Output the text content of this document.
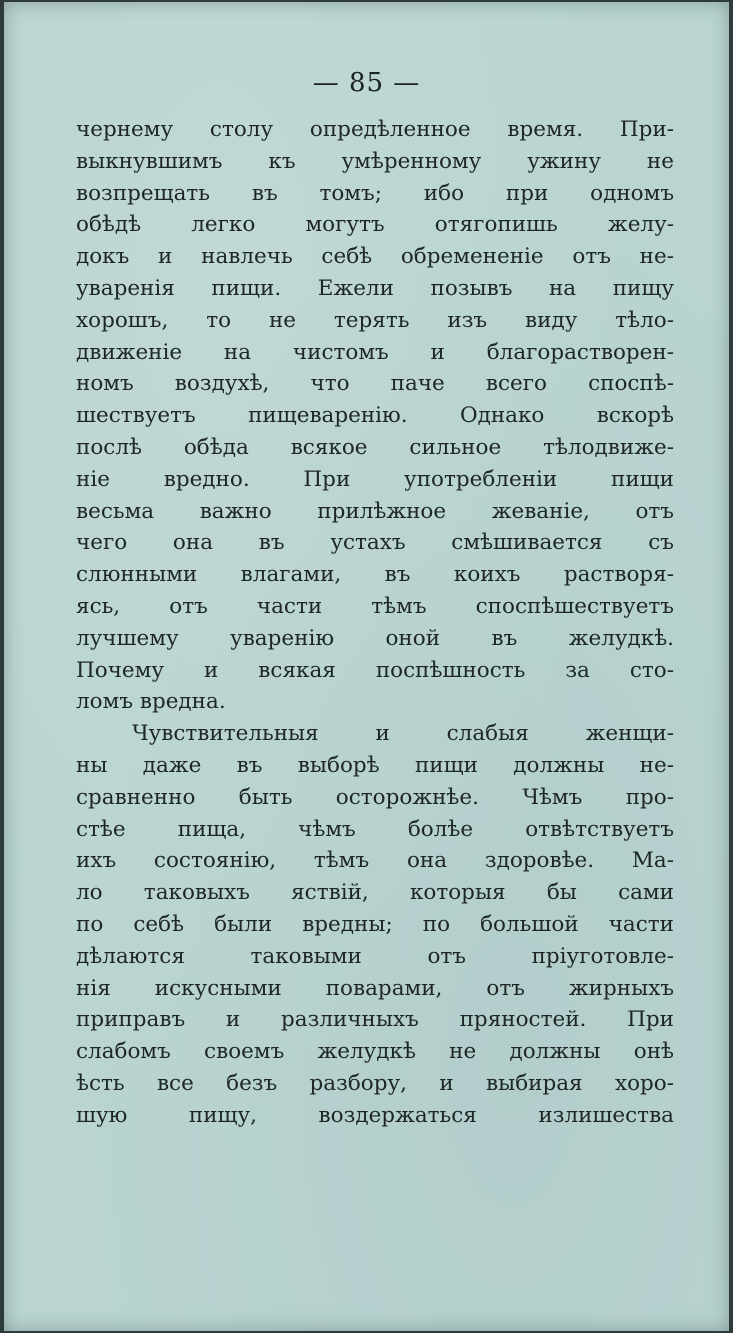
— 85 —
чернему столу опредѣленное время. При-
выкнувшимъ къ умѣренному ужину не
возпрещать въ томъ; ибо при одномъ
обѣдѣ легко могутъ отягопишь желу-
докъ и навлечь себѣ обремененіе отъ не-
увapeнія пищи. Ежели позывъ на пищу
хорошъ, то не терять изъ виду тѣло-
движеніе на чистомъ и благорастворен-
номъ воздухѣ, что паче всего споспѣ-
шествуетъ пищеваренію. Однако вскорѣ
послѣ обѣда всякое сильное тѣлодвиже-
ніе вредно. При употребленіи пищи
весьма важно прилѣжное жеваніе, отъ
чего она въ устахъ смѣшивается съ
слюнными влагами, въ коихъ растворя-
ясь, отъ части тѣмъ споспѣшествуетъ
лучшему уваренію оной въ желудкѣ.
Почему и всякая поспѣшность за сто-
ломъ вредна.
Чувствительныя и слабыя женщи-
ны даже въ выборѣ пищи должны не-
сравненно быть осторожнѣе. Чѣмъ про-
стѣе пища, чѣмъ болѣе отвѣтствуетъ
ихъ состоянію, тѣмъ она здоровѣе. Ма-
ло таковыхъ яствій, которыя бы сами
по себѣ были вредны; по большой части
дѣлаются таковыми отъ пріуготовле-
нія искусными поварами, отъ жирныхъ
приправъ и различныхъ пряностей. При
слабомъ своемъ желудкѣ не должны онѣ
ѣсть все безъ разбору, и выбирая хоро-
шую пищу, воздержаться излишества
